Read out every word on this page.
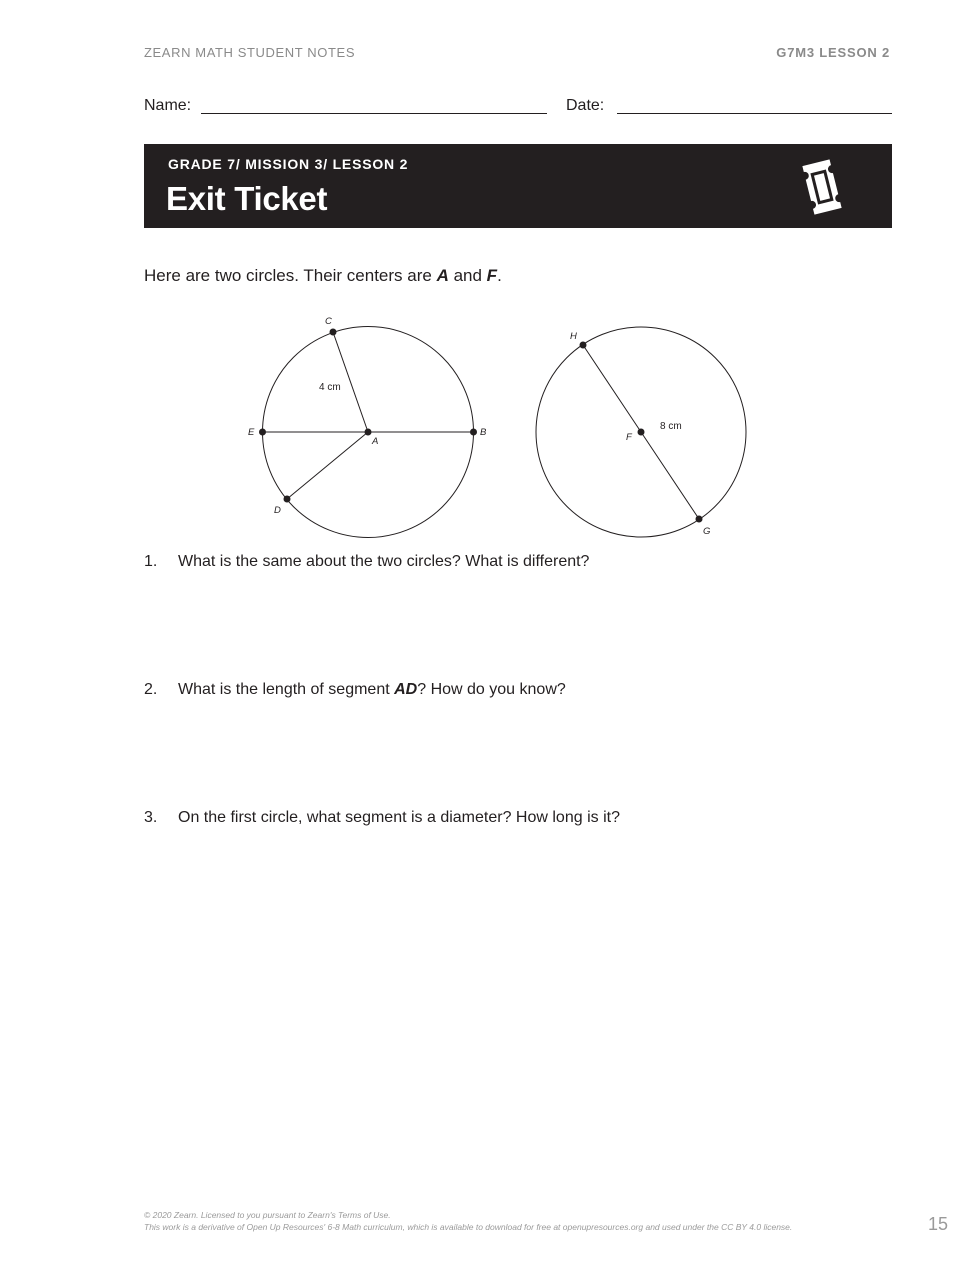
ZEARN MATH STUDENT NOTES	G7M3 LESSON 2
Name:	Date:
GRADE 7/ MISSION 3/ LESSON 2
Exit Ticket
Here are two circles. Their centers are A and F.
C
E
A
B
D
H
F
G
4 cm
8 cm
1.	What is the same about the two circles? What is different?
2.	What is the length of segment AD? How do you know?
3.	On the first circle, what segment is a diameter? How long is it?
© 2020 Zearn. Licensed to you pursuant to Zearn's Terms of Use.
This work is a derivative of Open Up Resources' 6-8 Math curriculum, which is available to download for free at openupresources.org and used under the CC BY 4.0 license.	15
